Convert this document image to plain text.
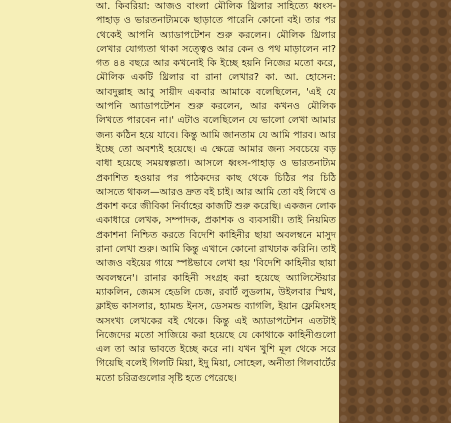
আ. কিবরিয়া: আজও বাংলা মৌলিক থ্রিলার সাহিত্যে ধ্বংস-পাহাড় ও ভারতনাট্যমকে ছাড়াতে পারেনি কোনো বই। তার পর থেকেই আপনি অ্যাডাপটেশন শুরু করলেন। মৌলিক থ্রিলার লেখার যোগ্যতা থাকা সত্ত্বেও আর কেন ও পথ মাড়ালেন না? গত ৪৪ বছরে আর কখনোই কি ইচ্ছে হয়নি নিজের মতো করে, মৌলিক একটি থ্রিলার বা রানা লেখার? কা. আ. হোসেন: আবদুল্লাহ আবু সায়ীদ একবার আমাকে বলেছিলেন, 'এই যে আপনি অ্যাডাপটেশন শুরু করলেন, আর কখনও মৌলিক লিখতে পারবেন না।' এটাও বলেছিলেন যে ভালো লেখা আমার জন্য কঠিন হয়ে যাবে। কিন্তু আমি জানতাম যে আমি পারব। আর ইচ্ছে তো অবশ্যই হয়েছে। এ ক্ষেত্রে আমার জন্য সবচেয়ে বড় বাধা হয়েছে সময়স্বল্পতা। আসলে ধ্বংস-পাহাড় ও ভারতনাট্যম প্রকাশিত হওয়ার পর পাঠকদের কাছ থেকে চিঠির পর চিঠি আসতে থাকল—আরও দ্রুত বই চাই। আর আমি তো বই লিখে ও প্রকাশ করে জীবিকা নির্বাহের কাজটি শুরু করেছি। একজন লোক একাধারে লেখক, সম্পাদক, প্রকাশক ও ব্যবসায়ী। তাই নিয়মিত প্রকাশনা নিশ্চিত করতে বিদেশি কাহিনীর ছায়া অবলম্বনে মাসুদ রানা লেখা শুরু। আমি কিন্তু এখানে কোনো রাখঢাক করিনি। তাই আজও বইয়ের গায়ে স্পষ্টভাবে লেখা হয় 'বিদেশি কাহিনীর ছায়া অবলম্বনে'। রানার কাহিনী সংগ্রহ করা হয়েছে অ্যালিস্টেয়ার ম্যাকলিন, জেমস হেডলি চেজ, রবার্ট লুডলাম, উইলবার স্মিথ, ক্লাইভ কাসলার, হ্যামন্ড ইনস, ডেসমন্ড ব্যাগলি, ইয়ান ফ্লেমিংসহ অসংখ্য লেখকের বই থেকে। কিন্তু এই অ্যাডাপটেশন এতটাই নিজেদের মতো সাজিয়ে করা হয়েছে যে কোথাকে কাহিনীগুলো এল তা আর ভাবতে ইচ্ছে করে না। যখন খুশি মূল থেকে সরে গিয়েছি বলেই গিলটি মিয়া, ইদু মিয়া, সোহেল, অনীতা গিলবার্টের মতো চরিত্রগুলোর সৃষ্টি হতে পেরেছে।
